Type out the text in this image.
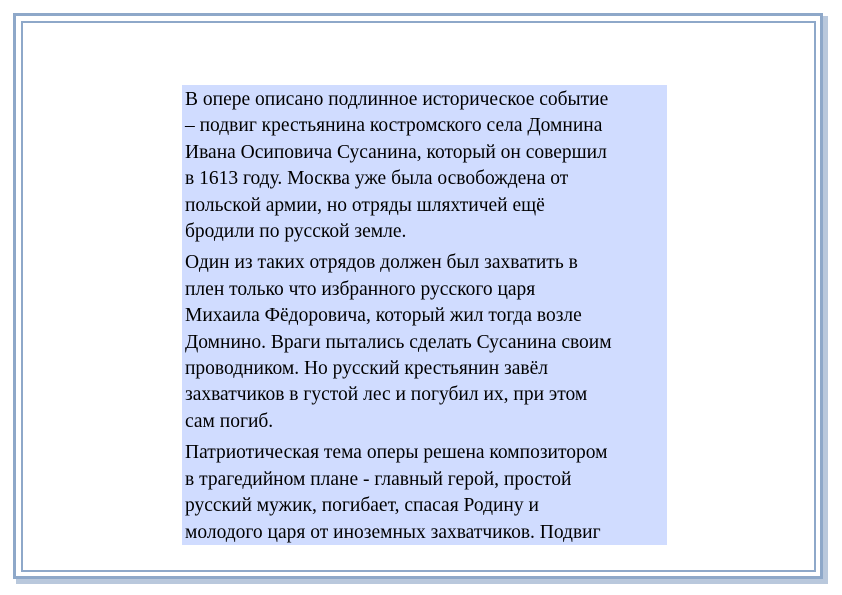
В опере описано подлинное историческое событие
– подвиг крестьянина костромского села Домнина
Ивана Осиповича Сусанина, который он совершил
в 1613 году. Москва уже была освобождена от
польской армии, но отряды шляхтичей ещё
бродили по русской земле.

Один из таких отрядов должен был захватить в
плен только что избранного русского царя
Михаила Фёдоровича, который жил тогда возле
Домнино. Враги пытались сделать Сусанина своим
проводником. Но русский крестьянин завёл
захватчиков в густой лес и погубил их, при этом
сам погиб.

Патриотическая тема оперы решена композитором
в трагедийном плане - главный герой, простой
русский мужик, погибает, спасая Родину и
молодого царя от иноземных захватчиков. Подвиг
